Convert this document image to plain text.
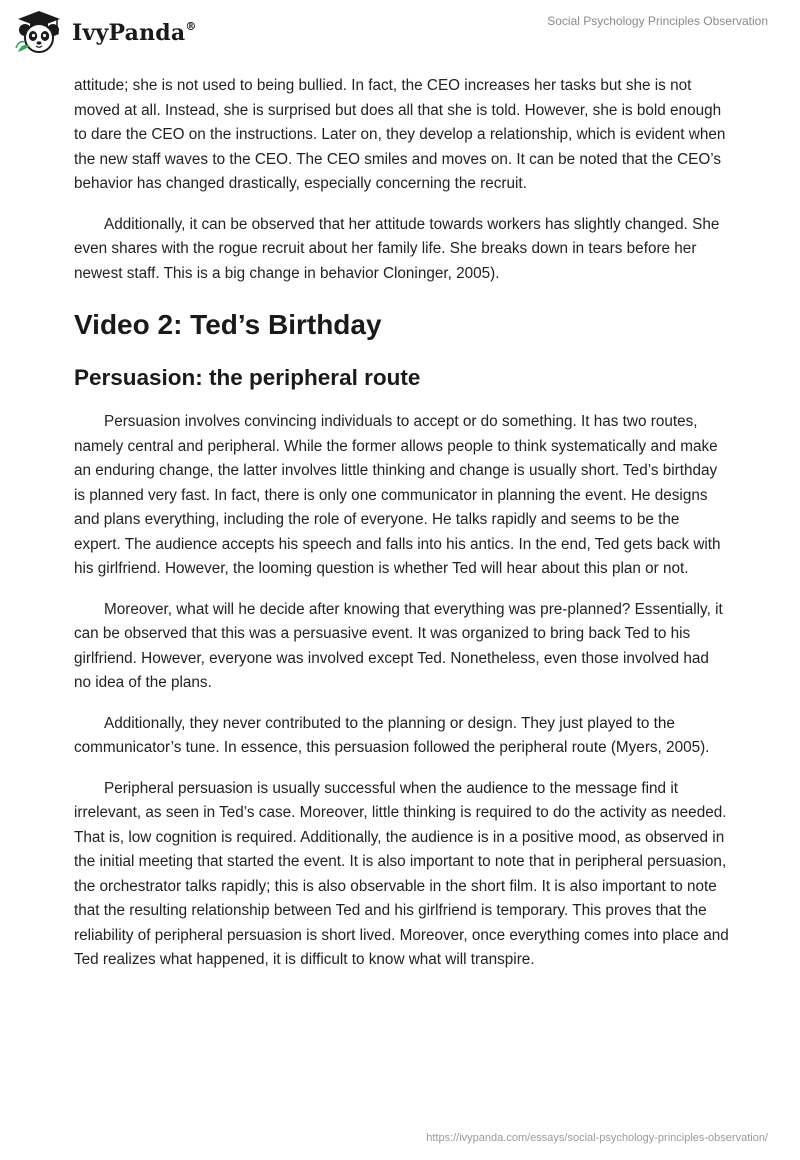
IvyPanda®	Social Psychology Principles Observation

attitude; she is not used to being bullied. In fact, the CEO increases her tasks but she is not moved at all. Instead, she is surprised but does all that she is told. However, she is bold enough to dare the CEO on the instructions. Later on, they develop a relationship, which is evident when the new staff waves to the CEO. The CEO smiles and moves on. It can be noted that the CEO’s behavior has changed drastically, especially concerning the recruit.

Additionally, it can be observed that her attitude towards workers has slightly changed. She even shares with the rogue recruit about her family life. She breaks down in tears before her newest staff. This is a big change in behavior Cloninger, 2005).

Video 2: Ted’s Birthday
Persuasion: the peripheral route

Persuasion involves convincing individuals to accept or do something. It has two routes, namely central and peripheral. While the former allows people to think systematically and make an enduring change, the latter involves little thinking and change is usually short. Ted’s birthday is planned very fast. In fact, there is only one communicator in planning the event. He designs and plans everything, including the role of everyone. He talks rapidly and seems to be the expert. The audience accepts his speech and falls into his antics. In the end, Ted gets back with his girlfriend. However, the looming question is whether Ted will hear about this plan or not.

Moreover, what will he decide after knowing that everything was pre-planned? Essentially, it can be observed that this was a persuasive event. It was organized to bring back Ted to his girlfriend. However, everyone was involved except Ted. Nonetheless, even those involved had no idea of the plans.

Additionally, they never contributed to the planning or design. They just played to the communicator’s tune. In essence, this persuasion followed the peripheral route (Myers, 2005).

Peripheral persuasion is usually successful when the audience to the message find it irrelevant, as seen in Ted’s case. Moreover, little thinking is required to do the activity as needed. That is, low cognition is required. Additionally, the audience is in a positive mood, as observed in the initial meeting that started the event. It is also important to note that in peripheral persuasion, the orchestrator talks rapidly; this is also observable in the short film. It is also important to note that the resulting relationship between Ted and his girlfriend is temporary. This proves that the reliability of peripheral persuasion is short lived. Moreover, once everything comes into place and Ted realizes what happened, it is difficult to know what will transpire.

https://ivypanda.com/essays/social-psychology-principles-observation/
